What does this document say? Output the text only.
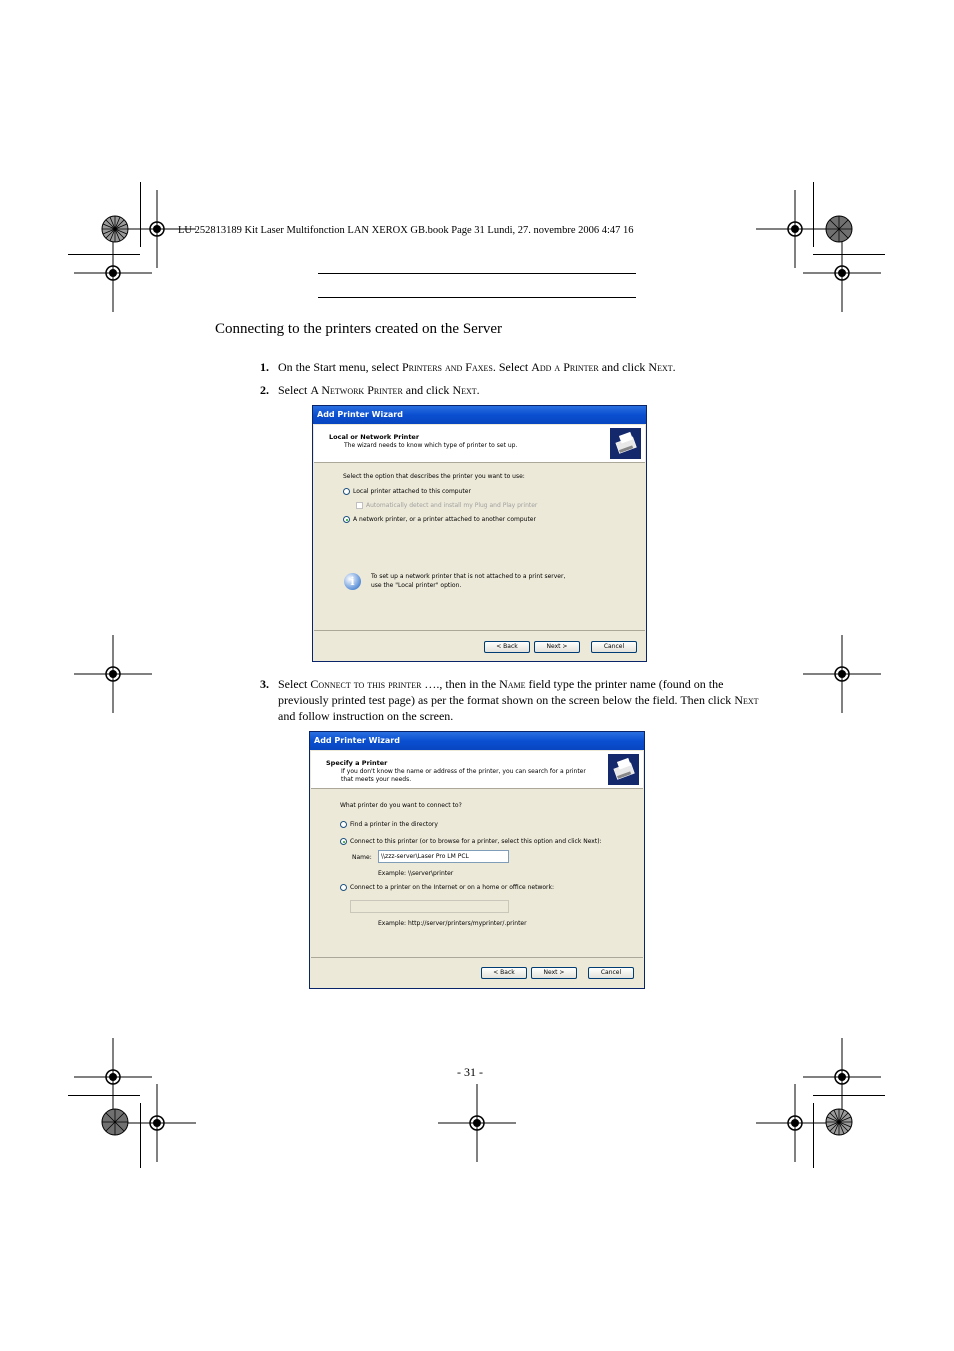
LU 252813189 Kit Laser Multifonction LAN XEROX GB.book Page 31 Lundi, 27. novembre 2006 4:47 16
Connecting to the printers created on the Server
1. On the Start menu, select Printers and Faxes. Select Add a Printer and click Next.
2. Select A Network Printer and click Next.
Add Printer Wizard
Local or Network Printer
The wizard needs to know which type of printer to set up.
Select the option that describes the printer you want to use:
Local printer attached to this computer
Automatically detect and install my Plug and Play printer
A network printer, or a printer attached to another computer
i	To set up a network printer that is not attached to a print server,
use the "Local printer" option.
< Back	Next >	Cancel
3. Select Connect to this printer …., then in the Name field type the printer name (found on the
previously printed test page) as per the format shown on the screen below the field. Then click Next
and follow instruction on the screen.
Add Printer Wizard
Specify a Printer
If you don't know the name or address of the printer, you can search for a printer that meets your needs.
What printer do you want to connect to?
Find a printer in the directory
Connect to this printer (or to browse for a printer, select this option and click Next):
Name:	\\zzz-server\Laser Pro LM PCL
Example: \\server\printer
Connect to a printer on the Internet or on a home or office network:
Example: http://server/printers/myprinter/.printer
< Back	Next >	Cancel
- 31 -
